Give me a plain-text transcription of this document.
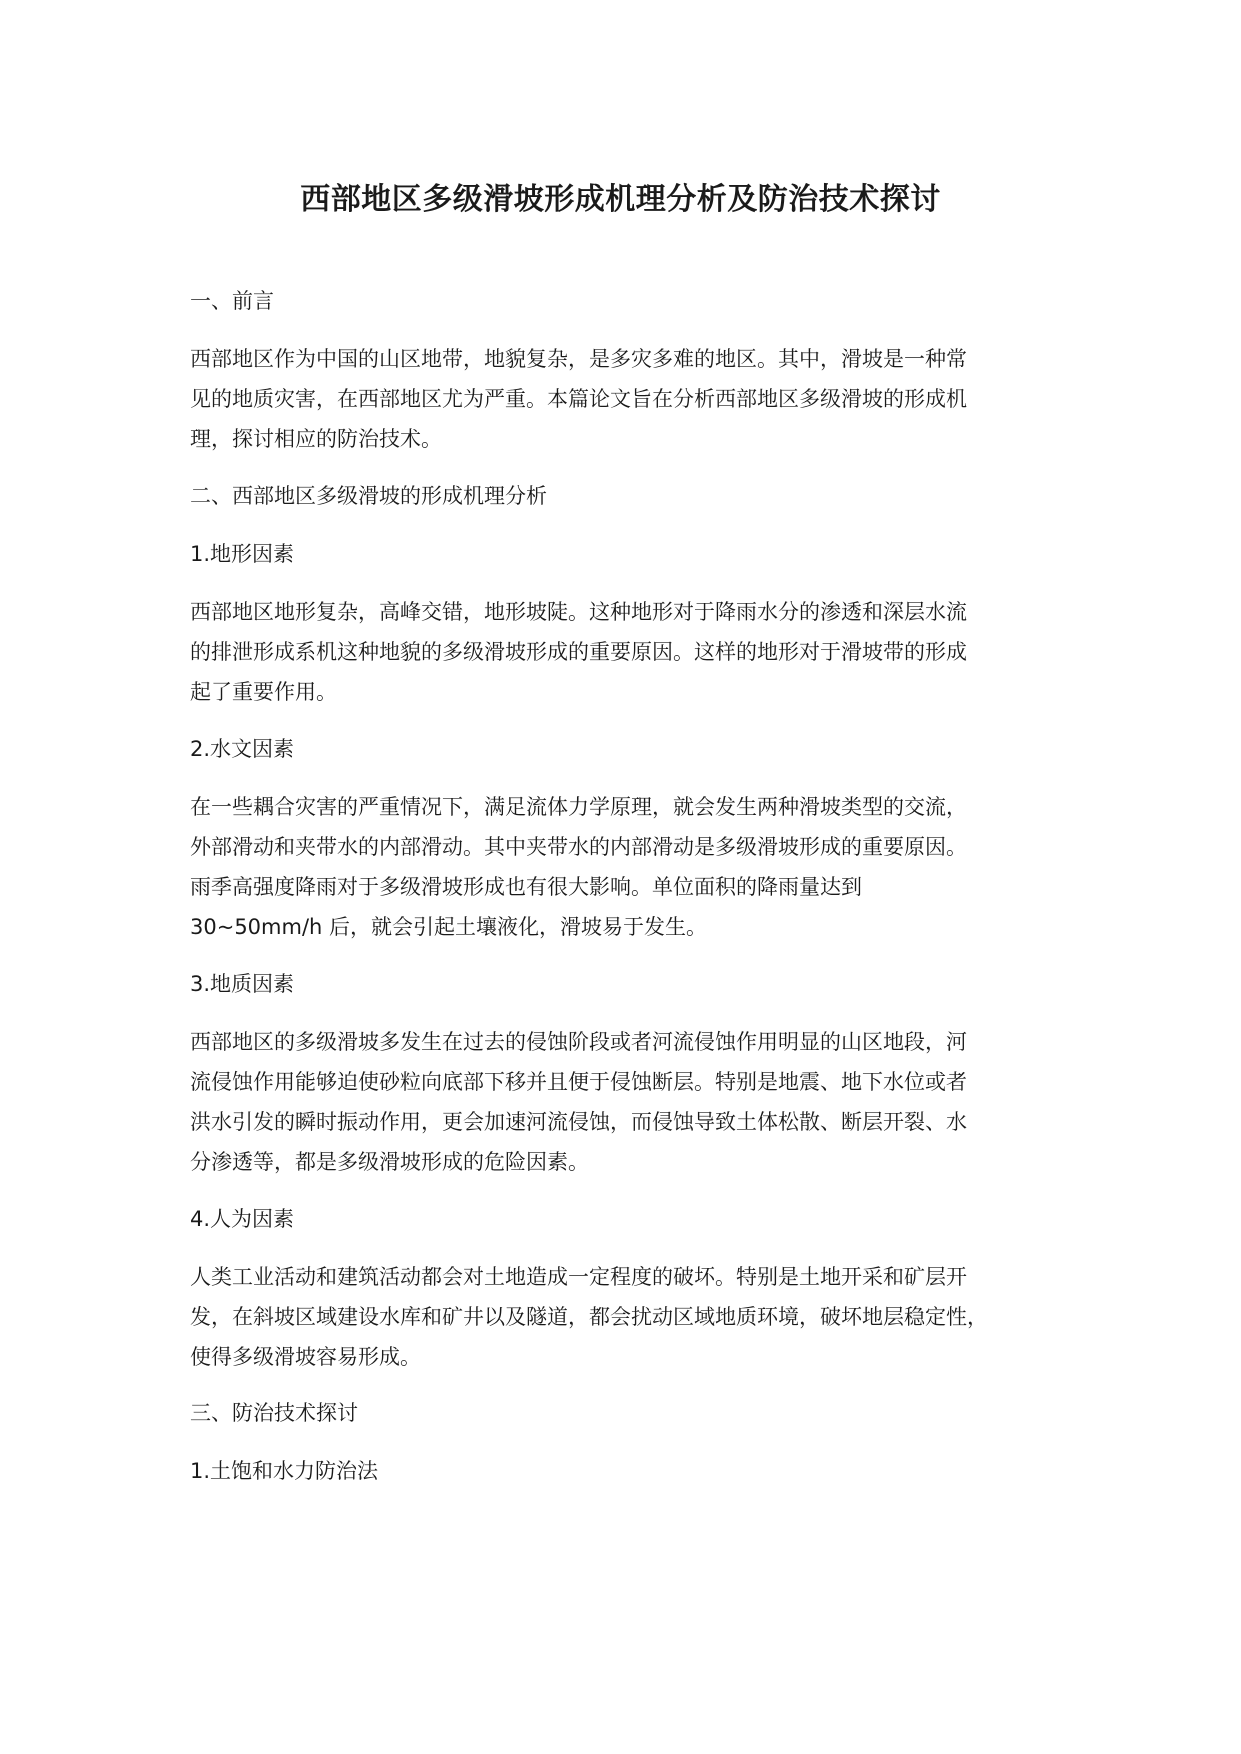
西部地区多级滑坡形成机理分析及防治技术探讨
一、前言
西部地区作为中国的山区地带，地貌复杂，是多灾多难的地区。其中，滑坡是一种常
见的地质灾害，在西部地区尤为严重。本篇论文旨在分析西部地区多级滑坡的形成机
理，探讨相应的防治技术。
二、西部地区多级滑坡的形成机理分析
1.地形因素
西部地区地形复杂，高峰交错，地形坡陡。这种地形对于降雨水分的渗透和深层水流
的排泄形成系机这种地貌的多级滑坡形成的重要原因。这样的地形对于滑坡带的形成
起了重要作用。
2.水文因素
在一些耦合灾害的严重情况下，满足流体力学原理，就会发生两种滑坡类型的交流，
外部滑动和夹带水的内部滑动。其中夹带水的内部滑动是多级滑坡形成的重要原因。
雨季高强度降雨对于多级滑坡形成也有很大影响。单位面积的降雨量达到
30~50mm/h 后，就会引起土壤液化，滑坡易于发生。
3.地质因素
西部地区的多级滑坡多发生在过去的侵蚀阶段或者河流侵蚀作用明显的山区地段，河
流侵蚀作用能够迫使砂粒向底部下移并且便于侵蚀断层。特别是地震、地下水位或者
洪水引发的瞬时振动作用，更会加速河流侵蚀，而侵蚀导致土体松散、断层开裂、水
分渗透等，都是多级滑坡形成的危险因素。
4.人为因素
人类工业活动和建筑活动都会对土地造成一定程度的破坏。特别是土地开采和矿层开
发，在斜坡区域建设水库和矿井以及隧道，都会扰动区域地质环境，破坏地层稳定性，
使得多级滑坡容易形成。
三、防治技术探讨
1.土饱和水力防治法
